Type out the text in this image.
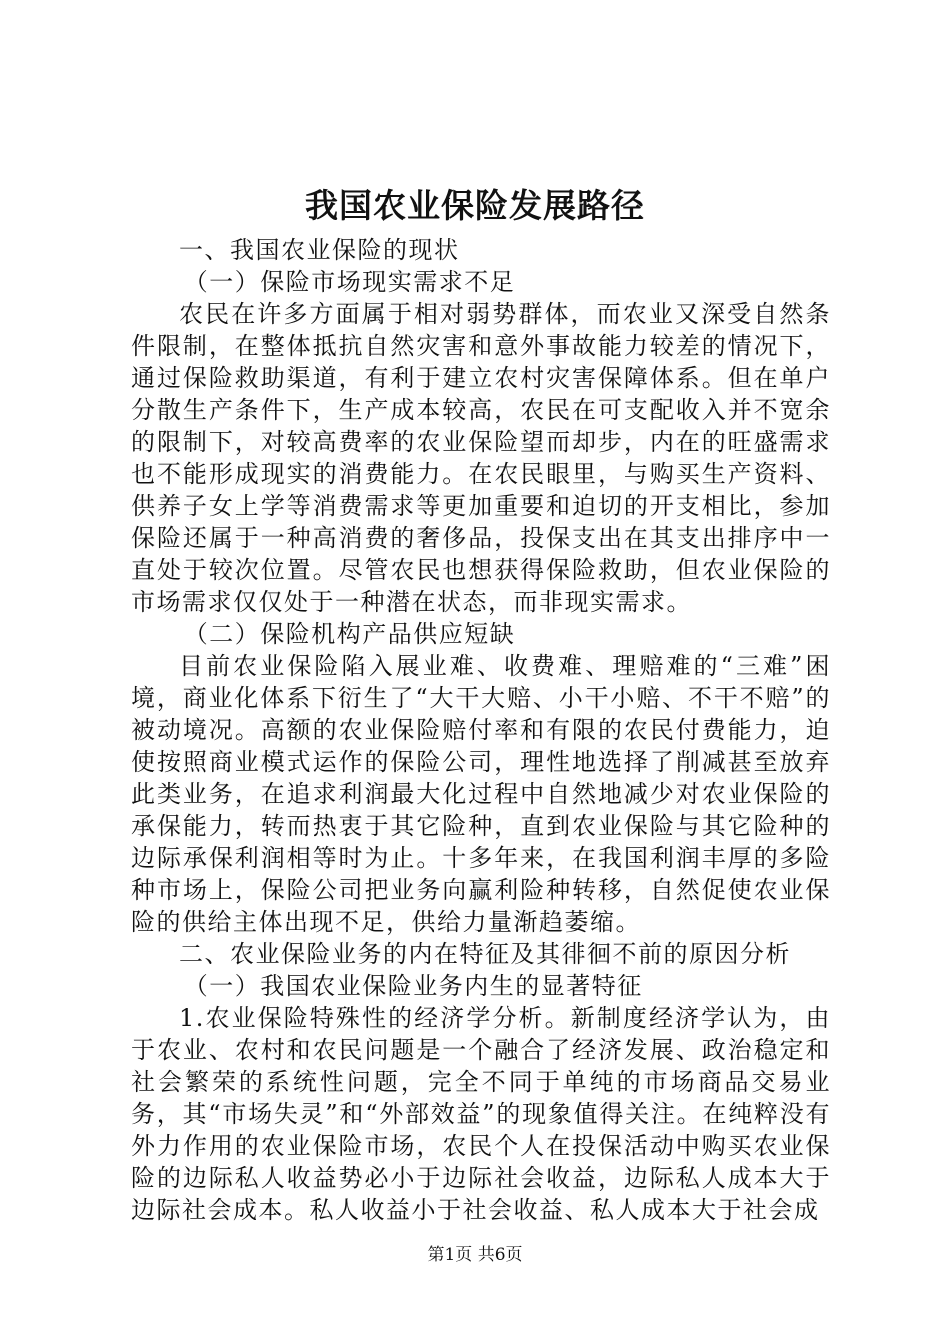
我国农业保险发展路径

一、我国农业保险的现状

（一）保险市场现实需求不足

农民在许多方面属于相对弱势群体，而农业又深受自然条件限制，在整体抵抗自然灾害和意外事故能力较差的情况下，通过保险救助渠道，有利于建立农村灾害保障体系。但在单户分散生产条件下，生产成本较高，农民在可支配收入并不宽余的限制下，对较高费率的农业保险望而却步，内在的旺盛需求也不能形成现实的消费能力。在农民眼里，与购买生产资料、供养子女上学等消费需求等更加重要和迫切的开支相比，参加保险还属于一种高消费的奢侈品，投保支出在其支出排序中一直处于较次位置。尽管农民也想获得保险救助，但农业保险的市场需求仅仅处于一种潜在状态，而非现实需求。

（二）保险机构产品供应短缺

目前农业保险陷入展业难、收费难、理赔难的“三难”困境，商业化体系下衍生了“大干大赔、小干小赔、不干不赔”的被动境况。高额的农业保险赔付率和有限的农民付费能力，迫使按照商业模式运作的保险公司，理性地选择了削减甚至放弃此类业务，在追求利润最大化过程中自然地减少对农业保险的承保能力，转而热衷于其它险种，直到农业保险与其它险种的边际承保利润相等时为止。十多年来，在我国利润丰厚的多险种市场上，保险公司把业务向赢利险种转移，自然促使农业保险的供给主体出现不足，供给力量渐趋萎缩。

二、农业保险业务的内在特征及其徘徊不前的原因分析

（一）我国农业保险业务内生的显著特征

1.农业保险特殊性的经济学分析。新制度经济学认为，由于农业、农村和农民问题是一个融合了经济发展、政治稳定和社会繁荣的系统性问题，完全不同于单纯的市场商品交易业务，其“市场失灵”和“外部效益”的现象值得关注。在纯粹没有外力作用的农业保险市场，农民个人在投保活动中购买农业保险的边际私人收益势必小于边际社会收益，边际私人成本大于边际社会成本。私人收益小于社会收益、私人成本大于社会成

第1页 共6页
